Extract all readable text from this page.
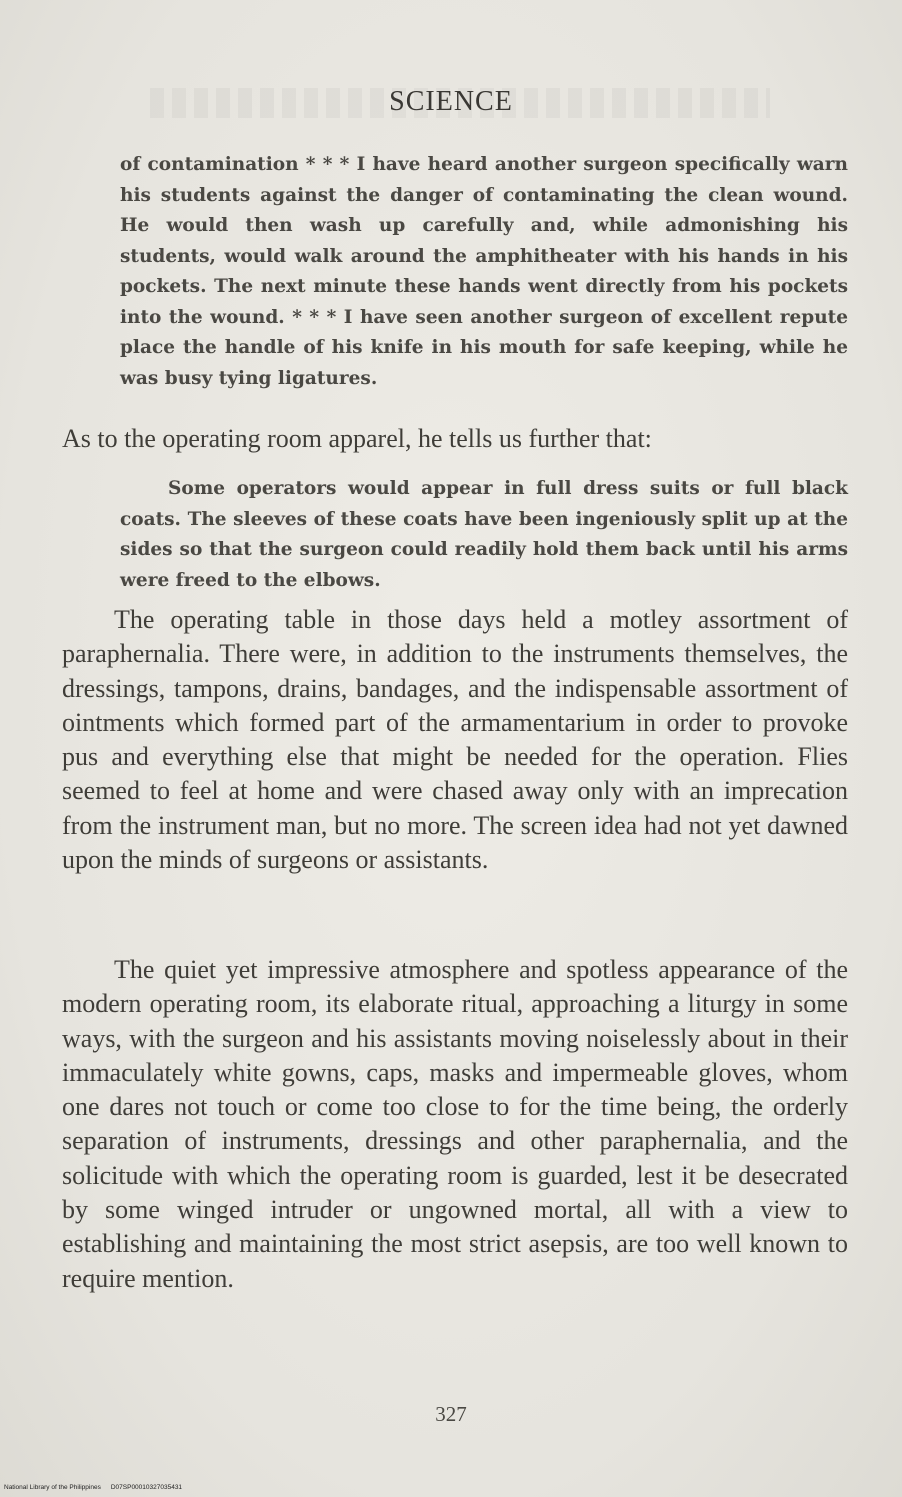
SCIENCE
of contamination * * * I have heard another surgeon specifically warn his students against the danger of contaminating the clean wound. He would then wash up carefully and, while admonishing his students, would walk around the amphitheater with his hands in his pockets. The next minute these hands went directly from his pockets into the wound. * * * I have seen another surgeon of excellent repute place the handle of his knife in his mouth for safe keeping, while he was busy tying ligatures.
As to the operating room apparel, he tells us further that:
Some operators would appear in full dress suits or full black coats. The sleeves of these coats have been ingeniously split up at the sides so that the surgeon could readily hold them back until his arms were freed to the elbows.
The operating table in those days held a motley assortment of paraphernalia. There were, in addition to the instruments themselves, the dressings, tampons, drains, bandages, and the indispensable assortment of ointments which formed part of the armamentarium in order to provoke pus and everything else that might be needed for the operation. Flies seemed to feel at home and were chased away only with an imprecation from the instrument man, but no more. The screen idea had not yet dawned upon the minds of surgeons or assistants.
The quiet yet impressive atmosphere and spotless appearance of the modern operating room, its elaborate ritual, approaching a liturgy in some ways, with the surgeon and his assistants moving noiselessly about in their immaculately white gowns, caps, masks and impermeable gloves, whom one dares not touch or come too close to for the time being, the orderly separation of instruments, dressings and other paraphernalia, and the solicitude with which the operating room is guarded, lest it be desecrated by some winged intruder or ungowned mortal, all with a view to establishing and maintaining the most strict asepsis, are too well known to require mention.
327
National Library of the Philippines D07SP00010327035431
